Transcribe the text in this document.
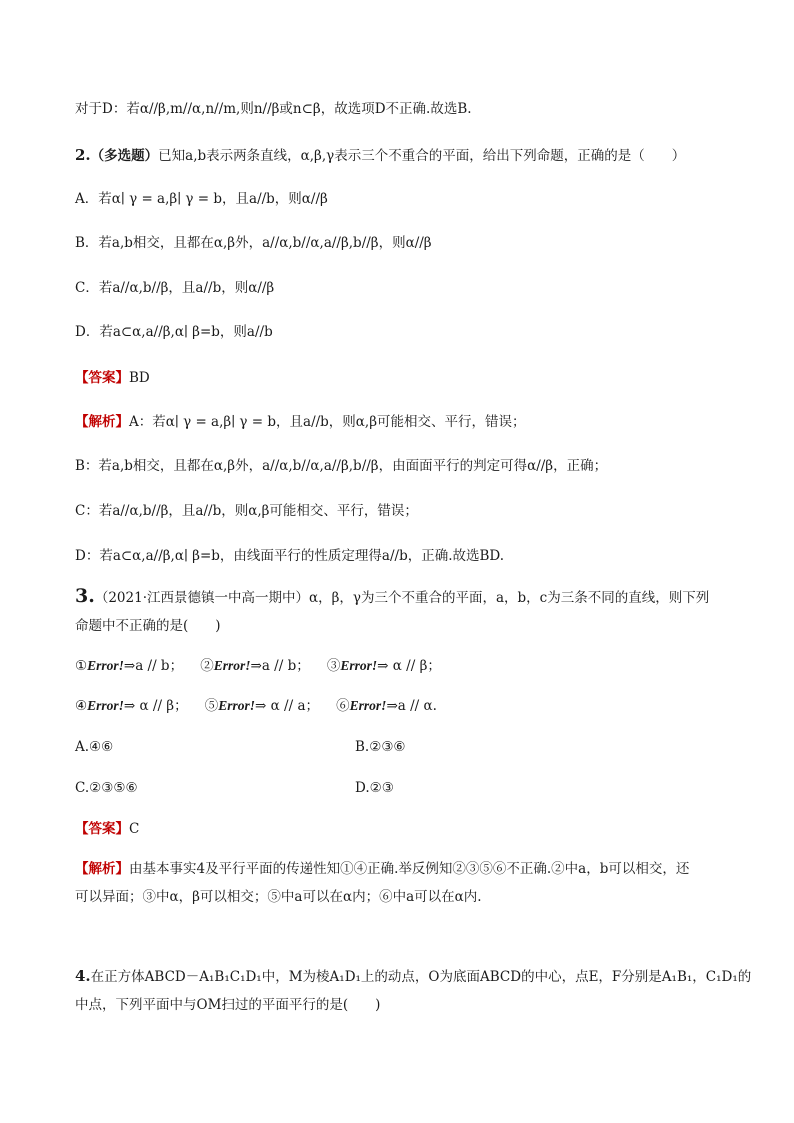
对于D：若α//β,m//α,n//m,则n//β或n⊂β，故选项D不正确.故选B.
2.（多选题）已知a,b表示两条直线，α,β,γ表示三个不重合的平面，给出下列命题，正确的是（　　）
A．若α∣ γ = a,β∣ γ = b，且a//b，则α//β
B．若a,b相交，且都在α,β外，a//α,b//α,a//β,b//β，则α//β
C．若a//α,b//β，且a//b，则α//β
D．若a⊂α,a//β,α∣ β=b，则a//b
【答案】BD
【解析】A：若α∣ γ = a,β∣ γ = b，且a//b，则α,β可能相交、平行，错误；
B：若a,b相交，且都在α,β外，a//α,b//α,a//β,b//β，由面面平行的判定可得α//β，正确；
C：若a//α,b//β，且a//b，则α,β可能相交、平行，错误；
D：若a⊂α,a//β,α∣ β=b，由线面平行的性质定理得a//b，正确.故选BD.
3.（2021·江西景德镇一中高一期中）α，β，γ为三个不重合的平面，a，b，c为三条不同的直线，则下列
命题中不正确的是(　　)
①Error!⇒a // b； ②Error!⇒a // b； ③Error!⇒ α // β；
④Error!⇒ α // β； ⑤Error!⇒ α // a； ⑥Error!⇒a // α.
A.④⑥	B.②③⑥
C.②③⑤⑥	D.②③
【答案】C
【解析】由基本事实4及平行平面的传递性知①④正确.举反例知②③⑤⑥不正确.②中a，b可以相交，还
可以异面；③中α，β可以相交；⑤中a可以在α内；⑥中a可以在α内.
4.在正方体ABCD－A₁B₁C₁D₁中，M为棱A₁D₁上的动点，O为底面ABCD的中心，点E，F分别是A₁B₁，C₁D₁的
中点，下列平面中与OM扫过的平面平行的是(　　)
